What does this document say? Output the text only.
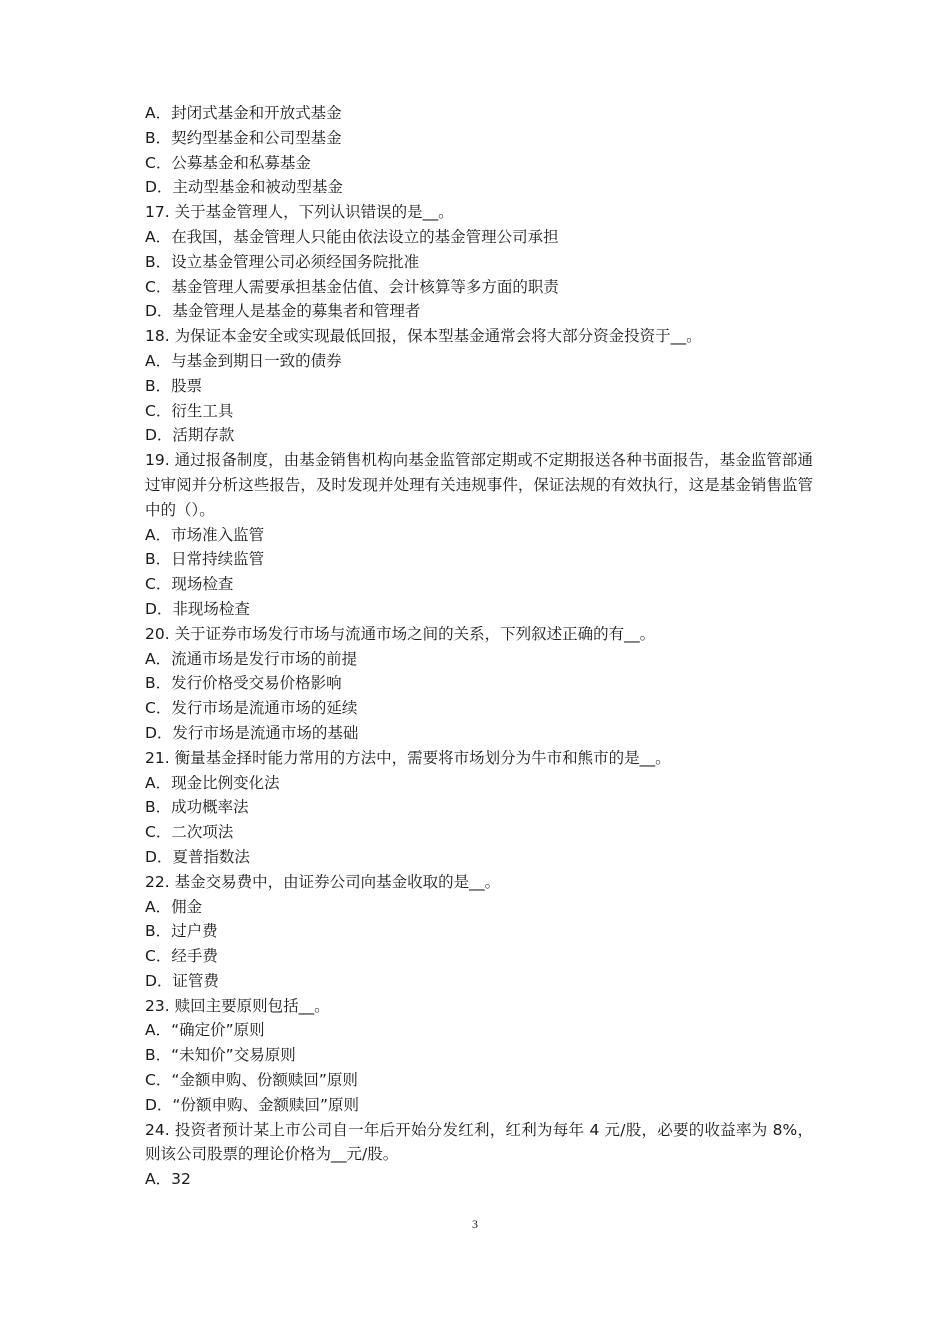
A．封闭式基金和开放式基金
B．契约型基金和公司型基金
C．公募基金和私募基金
D．主动型基金和被动型基金
17. 关于基金管理人，下列认识错误的是__。
A．在我国，基金管理人只能由依法设立的基金管理公司承担
B．设立基金管理公司必须经国务院批准
C．基金管理人需要承担基金估值、会计核算等多方面的职责
D．基金管理人是基金的募集者和管理者
18. 为保证本金安全或实现最低回报，保本型基金通常会将大部分资金投资于__。
A．与基金到期日一致的债券
B．股票
C．衍生工具
D．活期存款
19. 通过报备制度，由基金销售机构向基金监管部定期或不定期报送各种书面报告，基金监管部通过审阅并分析这些报告，及时发现并处理有关违规事件，保证法规的有效执行，这是基金销售监管中的（）。
A．市场准入监管
B．日常持续监管
C．现场检查
D．非现场检查
20. 关于证券市场发行市场与流通市场之间的关系，下列叙述正确的有__。
A．流通市场是发行市场的前提
B．发行价格受交易价格影响
C．发行市场是流通市场的延续
D．发行市场是流通市场的基础
21. 衡量基金择时能力常用的方法中，需要将市场划分为牛市和熊市的是__。
A．现金比例变化法
B．成功概率法
C．二次项法
D．夏普指数法
22. 基金交易费中，由证券公司向基金收取的是__。
A．佣金
B．过户费
C．经手费
D．证管费
23. 赎回主要原则包括__。
A．“确定价”原则
B．“未知价”交易原则
C．“金额申购、份额赎回”原则
D．“份额申购、金额赎回”原则
24. 投资者预计某上市公司自一年后开始分发红利，红利为每年 4 元/股，必要的收益率为 8%，则该公司股票的理论价格为__元/股。
A．32
3
